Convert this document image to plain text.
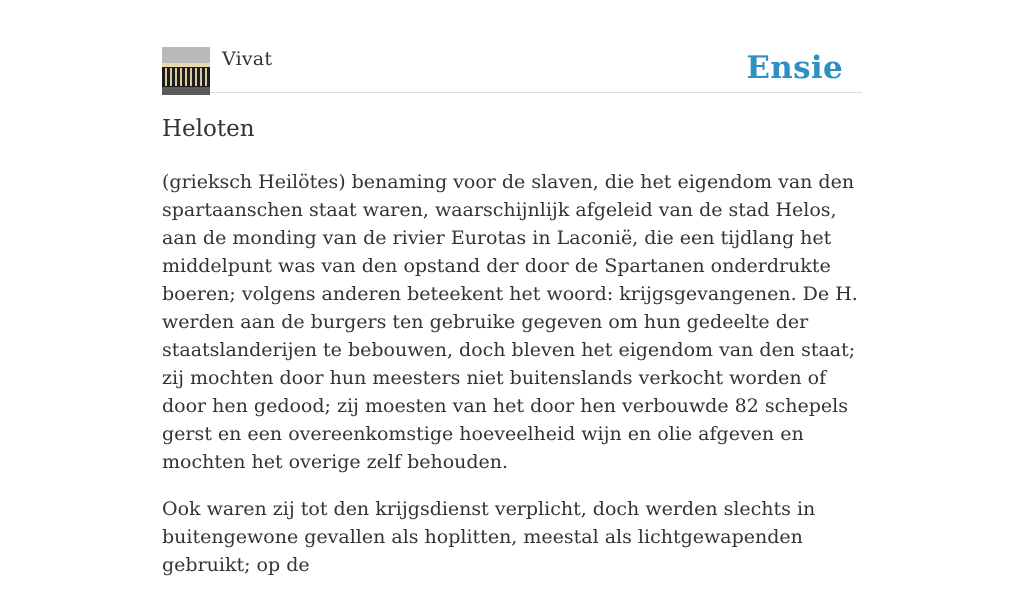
Vivat	Ensie
Heloten

(grieksch Heilötes) benaming voor de slaven, die het eigendom van den spartaanschen staat waren, waarschijnlijk afgeleid van de stad Helos, aan de monding van de rivier Eurotas in Laconië, die een tijdlang het middelpunt was van den opstand der door de Spartanen onderdrukte boeren; volgens anderen beteekent het woord: krijgsgevangenen. De H. werden aan de burgers ten gebruike gegeven om hun gedeelte der staatslanderijen te bebouwen, doch bleven het eigendom van den staat; zij mochten door hun meesters niet buitenslands verkocht worden of door hen gedood; zij moesten van het door hen verbouwde 82 schepels gerst en een overeenkomstige hoeveelheid wijn en olie afgeven en mochten het overige zelf behouden.

Ook waren zij tot den krijgsdienst verplicht, doch werden slechts in buitengewone gevallen als hoplitten, meestal als lichtgewapenden gebruikt; op de
